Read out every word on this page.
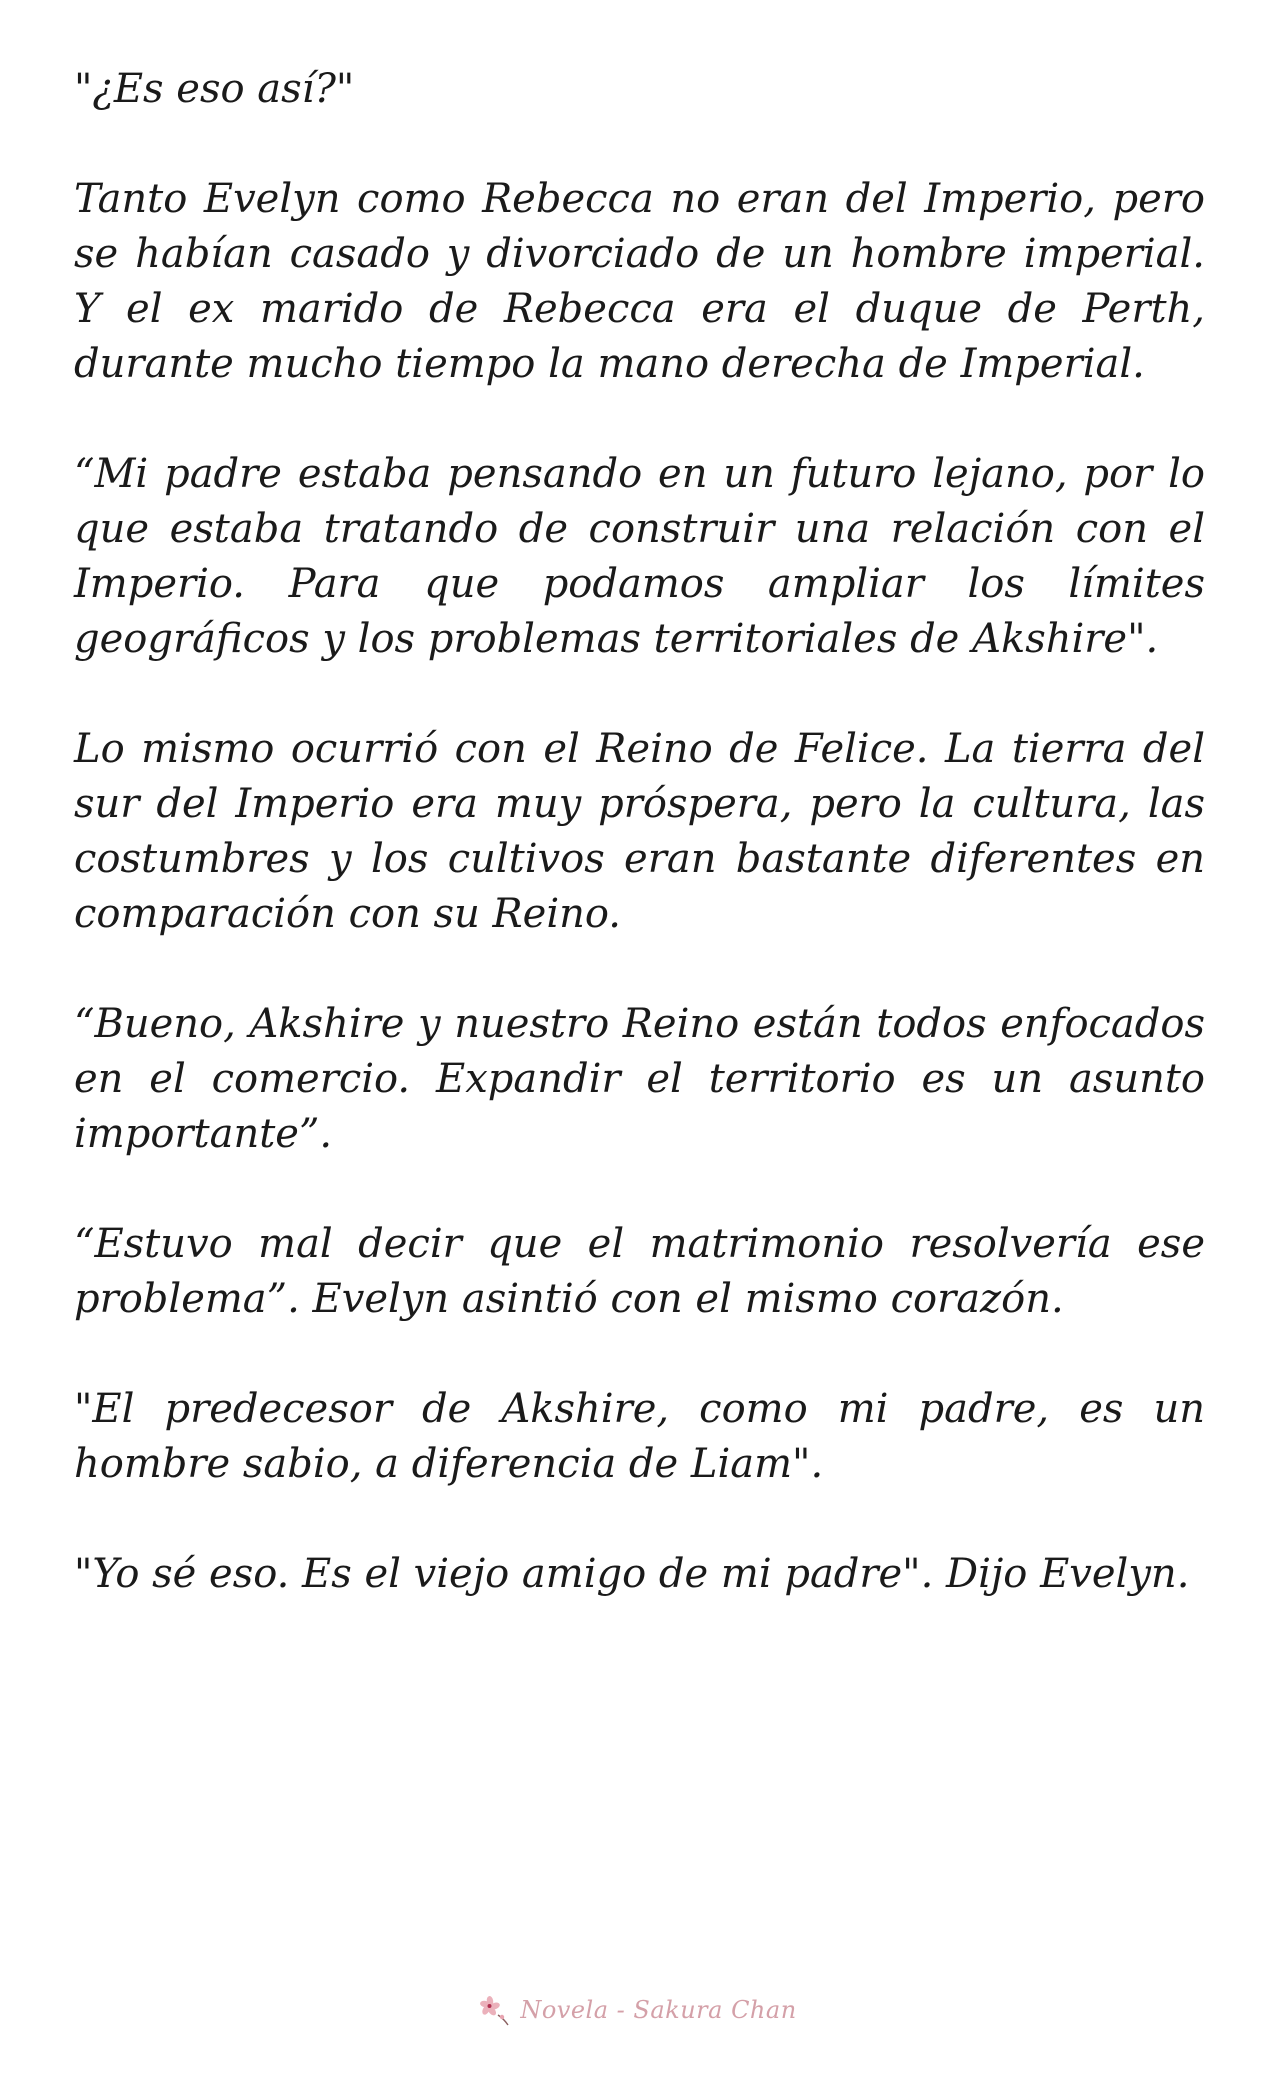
"¿Es eso así?"

Tanto Evelyn como Rebecca no eran del Imperio, pero se habían casado y divorciado de un hombre imperial. Y el ex marido de Rebecca era el duque de Perth, durante mucho tiempo la mano derecha de Imperial.

“Mi padre estaba pensando en un futuro lejano, por lo que estaba tratando de construir una relación con el Imperio. Para que podamos ampliar los límites geográficos y los problemas territoriales de Akshire".

Lo mismo ocurrió con el Reino de Felice. La tierra del sur del Imperio era muy próspera, pero la cultura, las costumbres y los cultivos eran bastante diferentes en comparación con su Reino.

“Bueno, Akshire y nuestro Reino están todos enfocados en el comercio. Expandir el territorio es un asunto importante”.

“Estuvo mal decir que el matrimonio resolvería ese problema”. Evelyn asintió con el mismo corazón.

"El predecesor de Akshire, como mi padre, es un hombre sabio, a diferencia de Liam".

"Yo sé eso. Es el viejo amigo de mi padre". Dijo Evelyn.

Novela - Sakura Chan
